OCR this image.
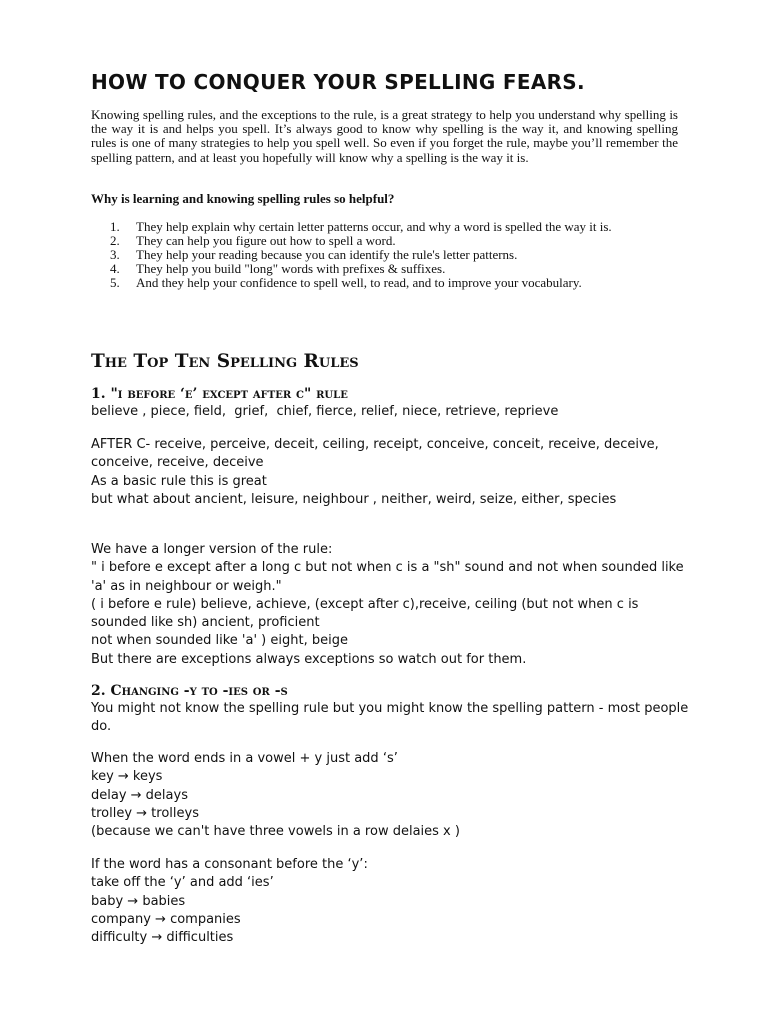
HOW TO CONQUER YOUR SPELLING FEARS.

Knowing spelling rules, and the exceptions to the rule, is a great strategy to help you understand why spelling is the way it is and helps you spell. It’s always good to know why spelling is the way it, and knowing spelling rules is one of many strategies to help you spell well. So even if you forget the rule, maybe you’ll remember the spelling pattern, and at least you hopefully will know why a spelling is the way it is.

Why is learning and knowing spelling rules so helpful?

1.	They help explain why certain letter patterns occur, and why a word is spelled the way it is.
2.	They can help you figure out how to spell a word.
3.	They help your reading because you can identify the rule's letter patterns.
4.	They help you build "long" words with prefixes & suffixes.
5.	And they help your confidence to spell well, to read, and to improve your vocabulary.
The Top Ten Spelling Rules
1. "i before ‘e’ except after c" rule
believe , piece, field,  grief,  chief, fierce, relief, niece, retrieve, reprieve
AFTER C- receive, perceive, deceit, ceiling, receipt, conceive, conceit, receive, deceive, conceive, receive, deceive
As a basic rule this is great
but what about ancient, leisure, neighbour , neither, weird, seize, either, species
We have a longer version of the rule:
" i before e except after a long c but not when c is a "sh" sound and not when sounded like 'a' as in neighbour or weigh."
( i before e rule) believe, achieve, (except after c),receive, ceiling (but not when c is sounded like sh) ancient, proficient
not when sounded like 'a' ) eight, beige
But there are exceptions always exceptions so watch out for them.
2. Changing -y to -ies or -s
You might not know the spelling rule but you might know the spelling pattern - most people do.
When the word ends in a vowel + y just add ‘s’
key → keys
delay → delays
trolley → trolleys
(because we can't have three vowels in a row delaies x )
If the word has a consonant before the ‘y’:
take off the ‘y’ and add ‘ies’
baby → babies
company → companies
difficulty → difficulties
